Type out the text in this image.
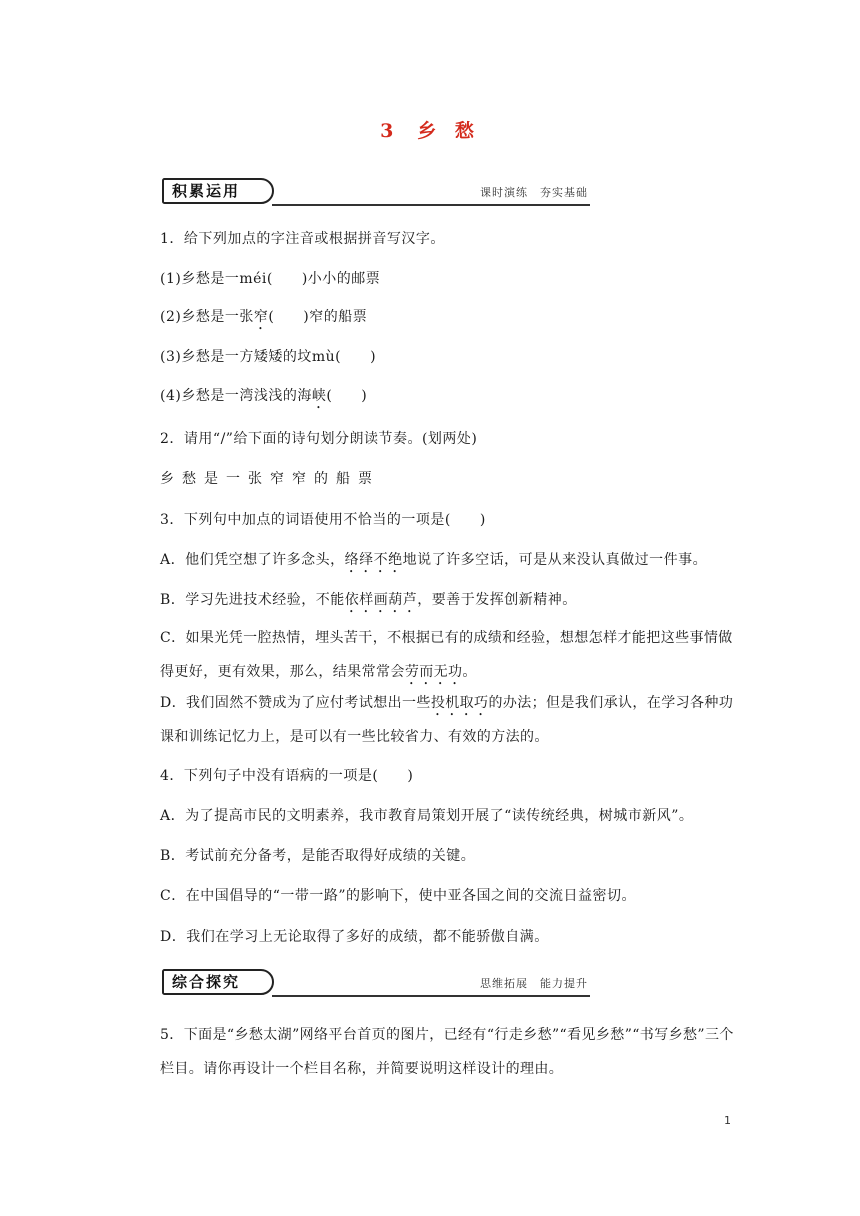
3 乡 愁
积累运用	课时演练　夯实基础
1．给下列加点的字注音或根据拼音写汉字。
(1)乡愁是一méi(　　)小小的邮票
(2)乡愁是一张窄(　　)窄的船票
(3)乡愁是一方矮矮的坟mù(　　)
(4)乡愁是一湾浅浅的海峡(　　)
2．请用“/”给下面的诗句划分朗读节奏。(划两处)
乡愁是一张窄窄的船票
3．下列句中加点的词语使用不恰当的一项是(　　)
A．他们凭空想了许多念头，络绎不绝地说了许多空话，可是从来没认真做过一件事。
B．学习先进技术经验，不能依样画葫芦，要善于发挥创新精神。
C．如果光凭一腔热情，埋头苦干，不根据已有的成绩和经验，想想怎样才能把这些事情做得更好，更有效果，那么，结果常常会劳而无功。
D．我们固然不赞成为了应付考试想出一些投机取巧的办法；但是我们承认，在学习各种功课和训练记忆力上，是可以有一些比较省力、有效的方法的。
4．下列句子中没有语病的一项是(　　)
A．为了提高市民的文明素养，我市教育局策划开展了“读传统经典，树城市新风”。
B．考试前充分备考，是能否取得好成绩的关键。
C．在中国倡导的“一带一路”的影响下，使中亚各国之间的交流日益密切。
D．我们在学习上无论取得了多好的成绩，都不能骄傲自满。
综合探究	思维拓展　能力提升
5．下面是“乡愁太湖”网络平台首页的图片，已经有“行走乡愁”“看见乡愁”“书写乡愁”三个栏目。请你再设计一个栏目名称，并简要说明这样设计的理由。
1
